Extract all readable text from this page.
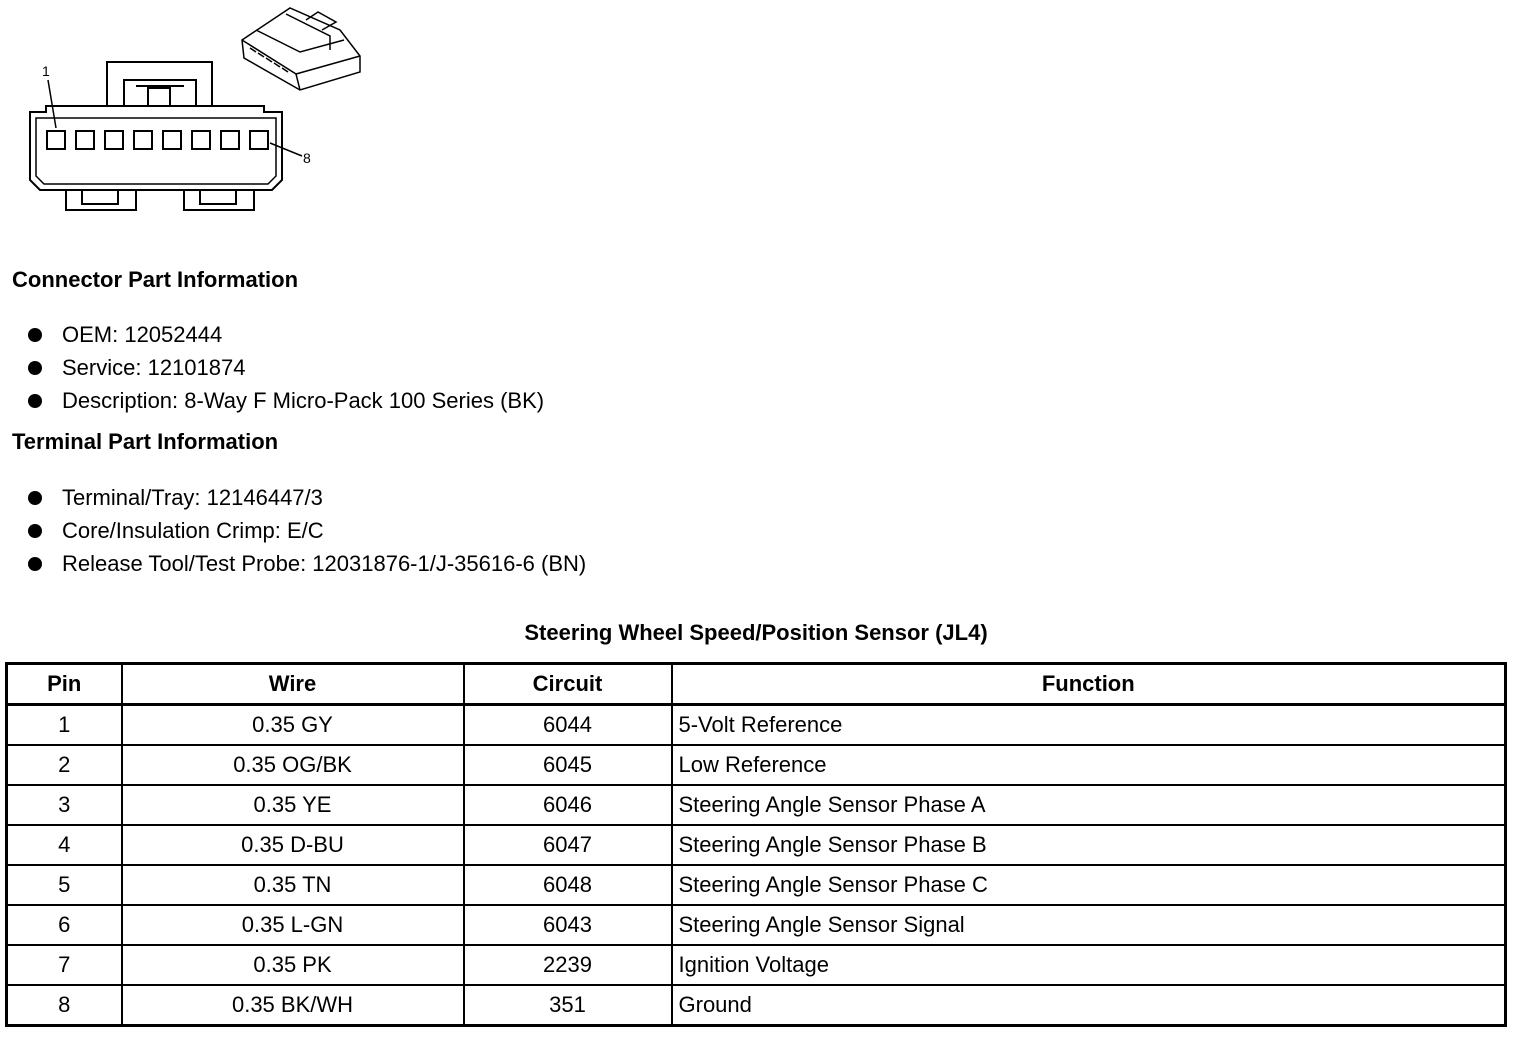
1
8
Connector Part Information
OEM: 12052444
Service: 12101874
Description: 8-Way F Micro-Pack 100 Series (BK)
Terminal Part Information
Terminal/Tray: 12146447/3
Core/Insulation Crimp: E/C
Release Tool/Test Probe: 12031876-1/J-35616-6 (BN)
Steering Wheel Speed/Position Sensor (JL4)
Pin	Wire	Circuit	Function
1	0.35 GY	6044	5-Volt Reference
2	0.35 OG/BK	6045	Low Reference
3	0.35 YE	6046	Steering Angle Sensor Phase A
4	0.35 D-BU	6047	Steering Angle Sensor Phase B
5	0.35 TN	6048	Steering Angle Sensor Phase C
6	0.35 L-GN	6043	Steering Angle Sensor Signal
7	0.35 PK	2239	Ignition Voltage
8	0.35 BK/WH	351	Ground
